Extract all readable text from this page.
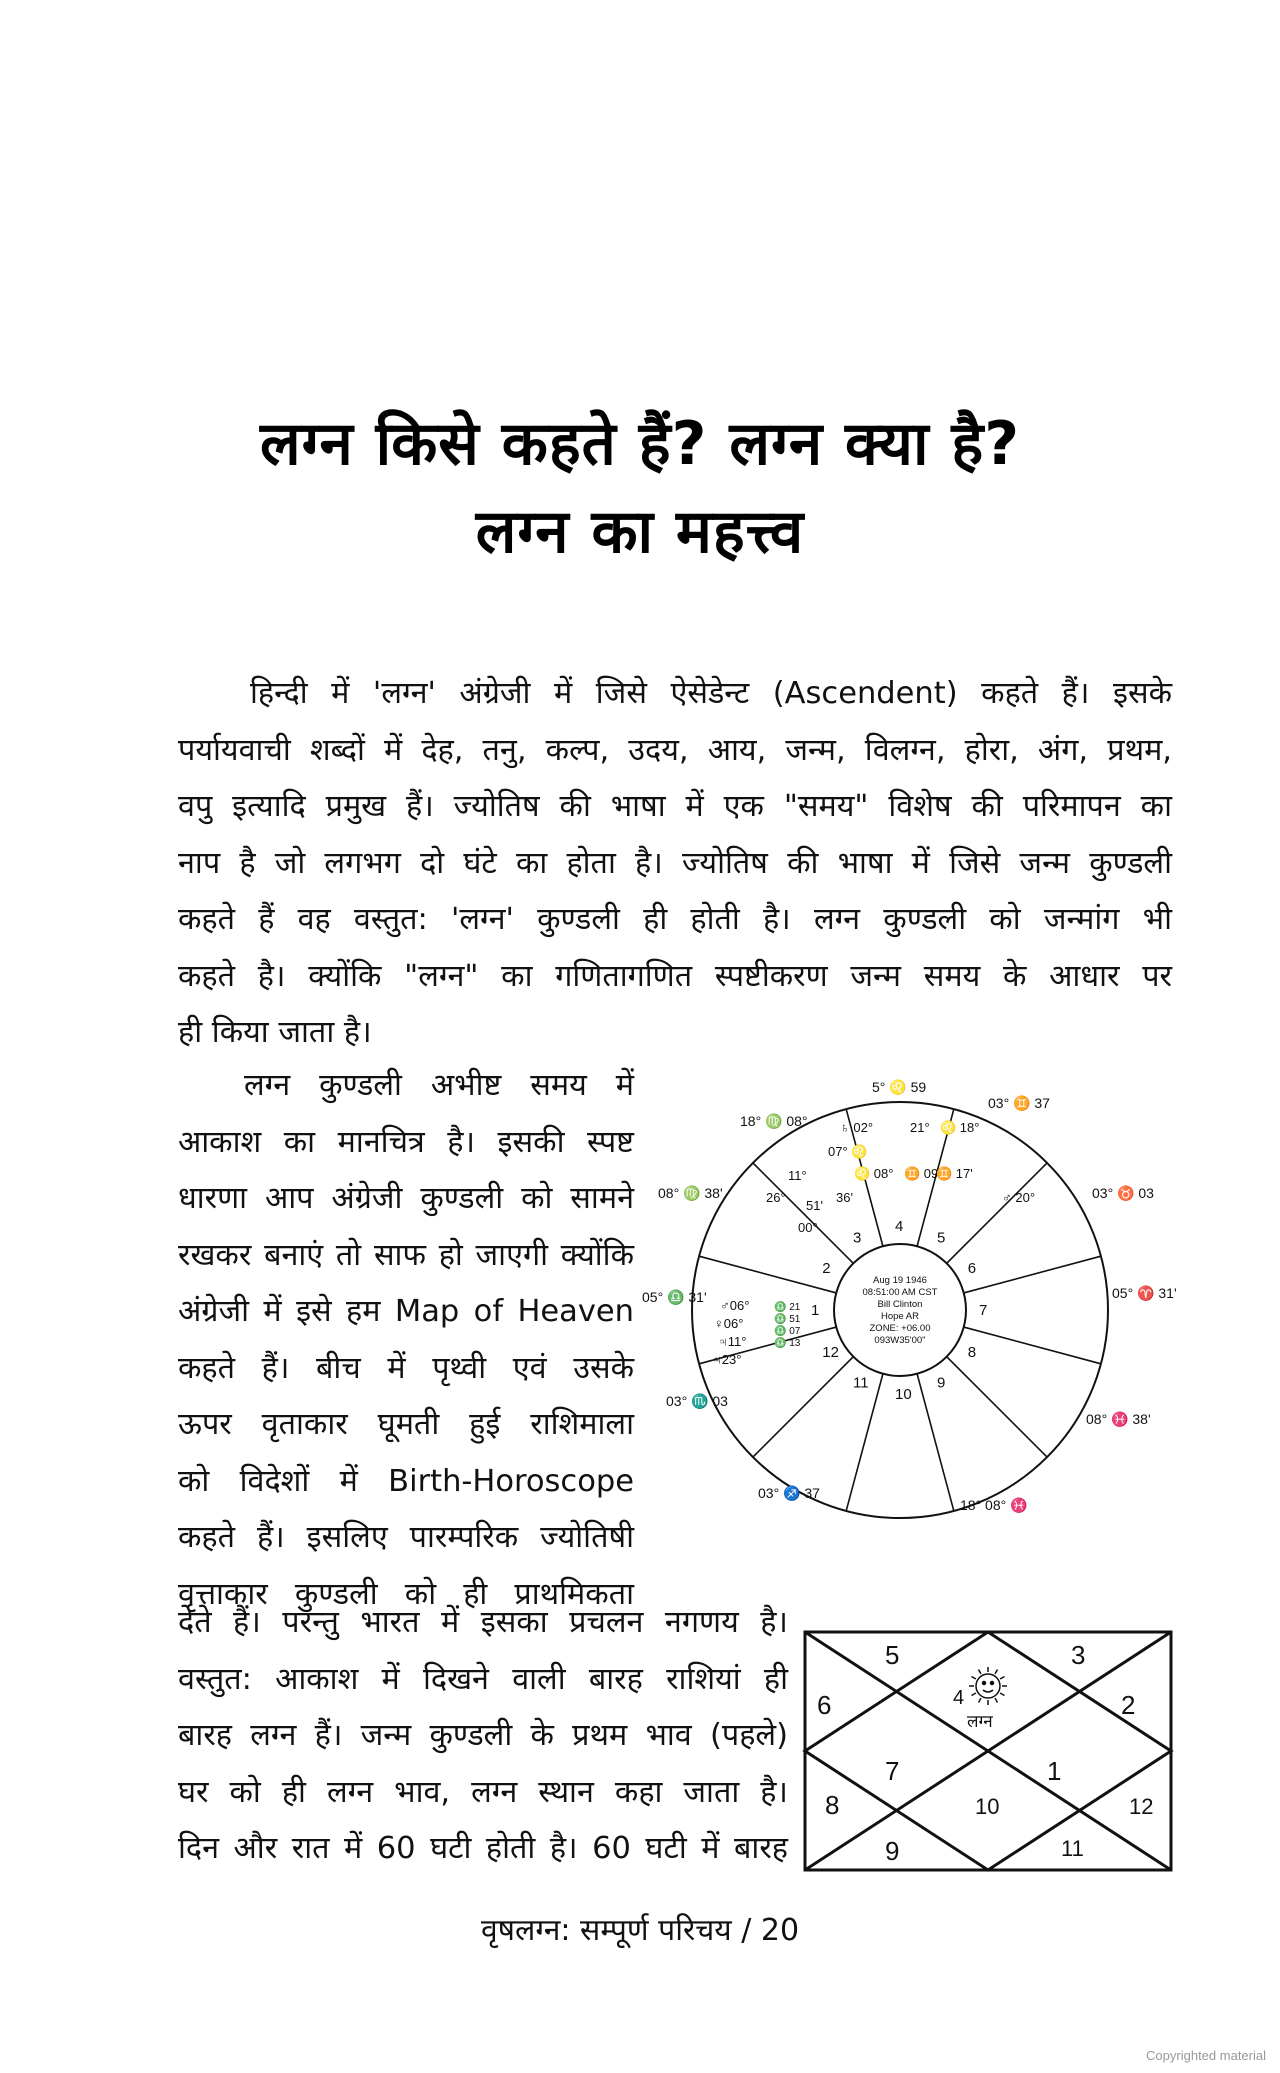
लग्न किसे कहते हैं? लग्न क्या है?
लग्न का महत्त्व
हिन्दी में 'लग्न' अंग्रेजी में जिसे ऐसेडेन्ट (Ascendent) कहते हैं। इसके
पर्यायवाची शब्दों में देह, तनु, कल्प, उदय, आय, जन्म, विलग्न, होरा, अंग, प्रथम,
वपु इत्यादि प्रमुख हैं। ज्योतिष की भाषा में एक "समय" विशेष की परिमापन का
नाप है जो लगभग दो घंटे का होता है। ज्योतिष की भाषा में जिसे जन्म कुण्डली
कहते हैं वह वस्तुत: 'लग्न' कुण्डली ही होती है। लग्न कुण्डली को जन्मांग भी
कहते है। क्योंकि "लग्न" का गणितागणित स्पष्टीकरण जन्म समय के आधार पर
ही किया जाता है।
लग्न कुण्डली अभीष्ट समय में
आकाश का मानचित्र है। इसकी स्पष्ट
धारणा आप अंग्रेजी कुण्डली को सामने
रखकर बनाएं तो साफ हो जाएगी क्योंकि
अंग्रेजी में इसे हम Map of Heaven
कहते हैं। बीच में पृथ्वी एवं उसके
ऊपर वृताकार घूमती हुई राशिमाला
को विदेशों में Birth-Horoscope
कहते हैं। इसलिए पारम्परिक ज्योतिषी
वृत्ताकार कुण्डली को ही प्राथमिकता
देते हैं। परन्तु भारत में इसका प्रचलन नगणय है।
वस्तुत: आकाश में दिखने वाली बारह राशियां ही
बारह लग्न हैं। जन्म कुण्डली के प्रथम भाव (पहले)
घर को ही लग्न भाव, लग्न स्थान कहा जाता है।
दिन और रात में 60 घटी होती है। 60 घटी में बारह
1
2
3
4
5
6
7
8
9
10
11
12
Aug 19 1946
08:51:00 AM CST
Bill Clinton
Hope AR
ZONE: +06.00
093W35'00"
5° ♌ 59
03° ♊ 37
03° ♉ 03
05° ♈ 31'
08° ♓ 38'
18° 08° ♓
03° ♐ 37
03° ♏ 03
05° ♎ 31'
08° ♍ 38'
18° ♍ 08° ♄ 02°
07° ♌
♌ 08°
21°
♊ 09
♌ 18°
♊ 17'
11°
26°
51'
00°
36'	♂ 20°
♂06°
♀06°
♃11°
♃23°
♎ 21
♎ 51
♎ 07
♎ 13
5	3
6	4	2
7	1
8	10	12
9	11
लग्न
वृषलग्न: सम्पूर्ण परिचय / 20
Copyrighted material
